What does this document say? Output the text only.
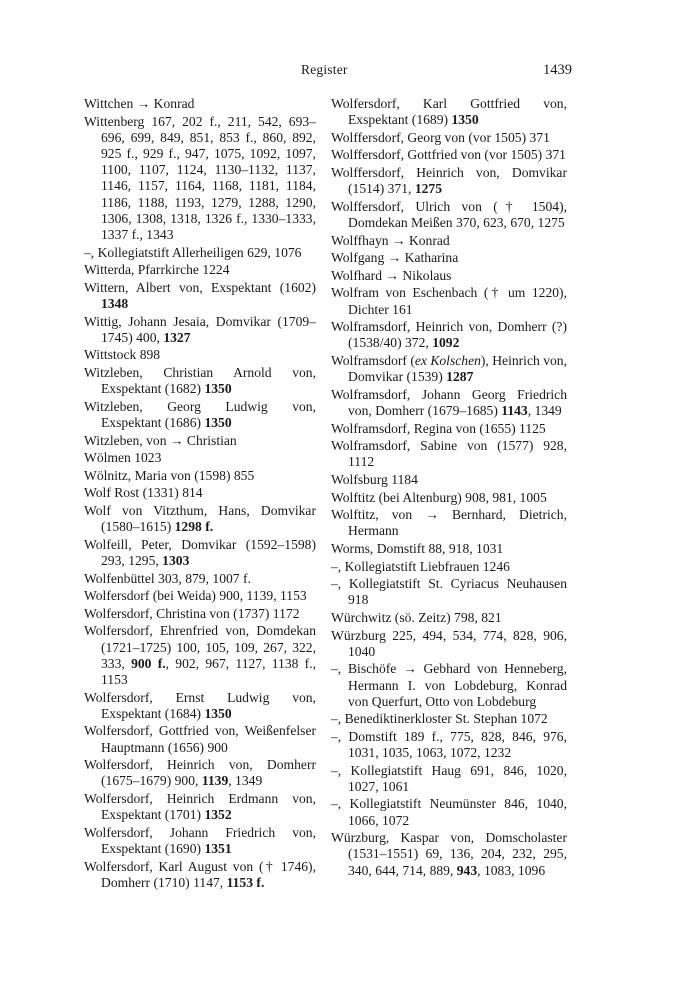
Register	1439

Wittchen → Konrad

Wittenberg 167, 202 f., 211, 542, 693–696, 699, 849, 851, 853 f., 860, 892, 925 f., 929 f., 947, 1075, 1092, 1097, 1100, 1107, 1124, 1130–1132, 1137, 1146, 1157, 1164, 1168, 1181, 1184, 1186, 1188, 1193, 1279, 1288, 1290, 1306, 1308, 1318, 1326 f., 1330–1333, 1337 f., 1343

–, Kollegiatstift Allerheiligen 629, 1076

Witterda, Pfarrkirche 1224

Wittern, Albert von, Exspektant (1602) 1348

Wittig, Johann Jesaia, Domvikar (1709–1745) 400, 1327

Wittstock 898

Witzleben, Christian Arnold von, Exspektant (1682) 1350

Witzleben, Georg Ludwig von, Exspektant (1686) 1350

Witzleben, von → Christian

Wölmen 1023

Wölnitz, Maria von (1598) 855

Wolf Rost (1331) 814

Wolf von Vitzthum, Hans, Domvikar (1580–1615) 1298 f.

Wolfeill, Peter, Domvikar (1592–1598) 293, 1295, 1303

Wolfenbüttel 303, 879, 1007 f.

Wolfersdorf (bei Weida) 900, 1139, 1153

Wolfersdorf, Christina von (1737) 1172

Wolfersdorf, Ehrenfried von, Domdekan (1721–1725) 100, 105, 109, 267, 322, 333, 900 f., 902, 967, 1127, 1138 f., 1153

Wolfersdorf, Ernst Ludwig von, Exspektant (1684) 1350

Wolfersdorf, Gottfried von, Weißenfelser Hauptmann (1656) 900

Wolfersdorf, Heinrich von, Domherr (1675–1679) 900, 1139, 1349

Wolfersdorf, Heinrich Erdmann von, Exspektant (1701) 1352

Wolfersdorf, Johann Friedrich von, Exspektant (1690) 1351

Wolfersdorf, Karl August von († 1746), Domherr (1710) 1147, 1153 f.

Wolfersdorf, Karl Gottfried von, Exspektant (1689) 1350

Wolffersdorf, Georg von (vor 1505) 371

Wolffersdorf, Gottfried von (vor 1505) 371

Wolffersdorf, Heinrich von, Domvikar (1514) 371, 1275

Wolffersdorf, Ulrich von († 1504), Domdekan Meißen 370, 623, 670, 1275

Wolffhayn → Konrad

Wolfgang → Katharina

Wolfhard → Nikolaus

Wolfram von Eschenbach († um 1220), Dichter 161

Wolframsdorf, Heinrich von, Domherr (?) (1538/40) 372, 1092

Wolframsdorf (ex Kolschen), Heinrich von, Domvikar (1539) 1287

Wolframsdorf, Johann Georg Friedrich von, Domherr (1679–1685) 1143, 1349

Wolframsdorf, Regina von (1655) 1125

Wolframsdorf, Sabine von (1577) 928, 1112

Wolfsburg 1184

Wolftitz (bei Altenburg) 908, 981, 1005

Wolftitz, von → Bernhard, Dietrich, Hermann

Worms, Domstift 88, 918, 1031

–, Kollegiatstift Liebfrauen 1246

–, Kollegiatstift St. Cyriacus Neuhausen 918

Würchwitz (sö. Zeitz) 798, 821

Würzburg 225, 494, 534, 774, 828, 906, 1040

–, Bischöfe → Gebhard von Henneberg, Hermann I. von Lobdeburg, Konrad von Querfurt, Otto von Lobdeburg

–, Benediktinerkloster St. Stephan 1072

–, Domstift 189 f., 775, 828, 846, 976, 1031, 1035, 1063, 1072, 1232

–, Kollegiatstift Haug 691, 846, 1020, 1027, 1061

–, Kollegiatstift Neumünster 846, 1040, 1066, 1072

Würzburg, Kaspar von, Domscholaster (1531–1551) 69, 136, 204, 232, 295, 340, 644, 714, 889, 943, 1083, 1096
